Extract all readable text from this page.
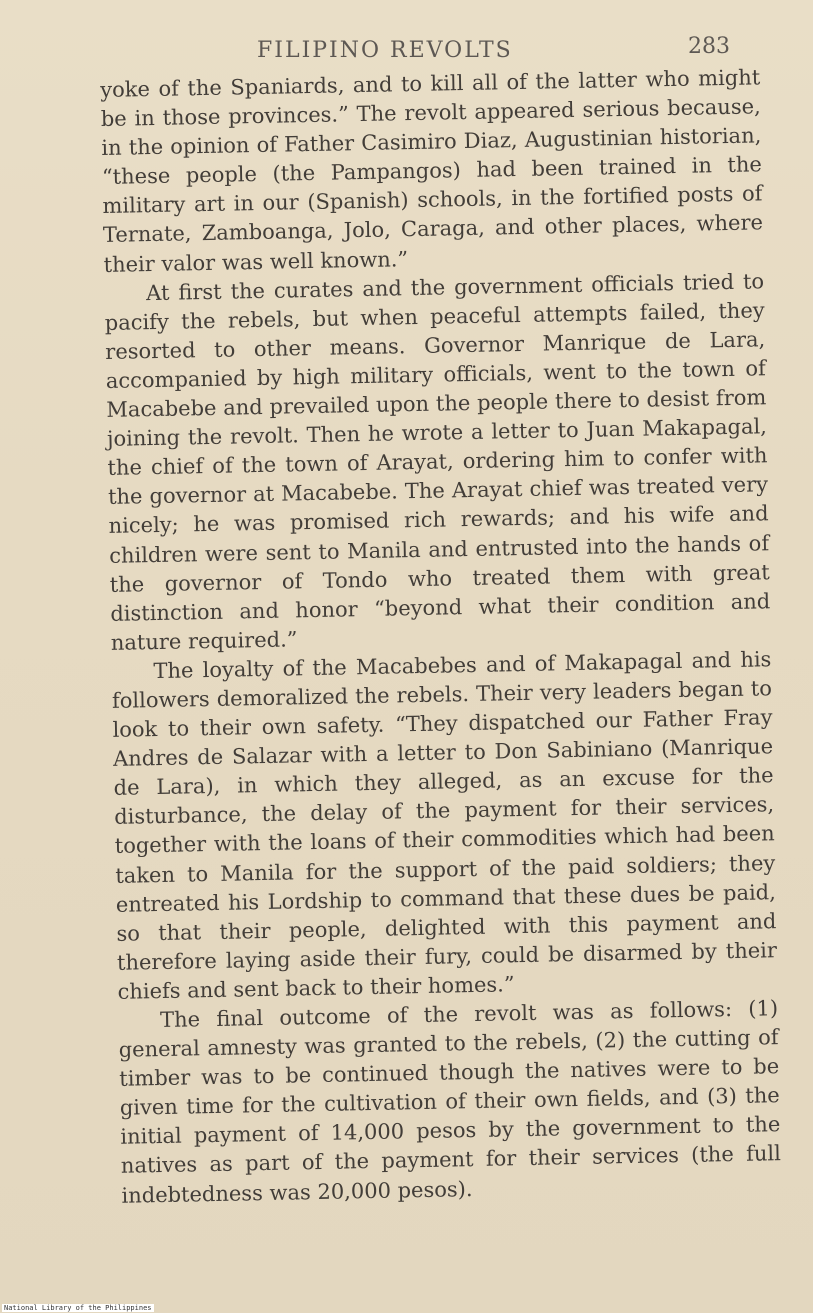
FILIPINO REVOLTS	283

yoke of the Spaniards, and to kill all of the latter who might be in those provinces.” The revolt appeared serious because, in the opinion of Father Casimiro Diaz, Augustinian historian, “these people (the Pampangos) had been trained in the military art in our (Spanish) schools, in the fortified posts of Ternate, Zamboanga, Jolo, Caraga, and other places, where their valor was well known.”

At first the curates and the government officials tried to pacify the rebels, but when peaceful attempts failed, they resorted to other means. Governor Manrique de Lara, accompanied by high military officials, went to the town of Macabebe and prevailed upon the people there to desist from joining the revolt. Then he wrote a letter to Juan Makapagal, the chief of the town of Arayat, ordering him to confer with the governor at Macabebe. The Arayat chief was treated very nicely; he was promised rich rewards; and his wife and children were sent to Manila and entrusted into the hands of the governor of Tondo who treated them with great distinction and honor “beyond what their condition and nature required.”

The loyalty of the Macabebes and of Makapagal and his followers demoralized the rebels. Their very leaders began to look to their own safety. “They dispatched our Father Fray Andres de Salazar with a letter to Don Sabiniano (Manrique de Lara), in which they alleged, as an excuse for the disturbance, the delay of the payment for their services, together with the loans of their commodities which had been taken to Manila for the support of the paid soldiers; they entreated his Lordship to command that these dues be paid, so that their people, delighted with this payment and therefore laying aside their fury, could be disarmed by their chiefs and sent back to their homes.”

The final outcome of the revolt was as follows: (1) general amnesty was granted to the rebels, (2) the cutting of timber was to be continued though the natives were to be given time for the cultivation of their own fields, and (3) the initial payment of 14,000 pesos by the government to the natives as part of the payment for their services (the full indebtedness was 20,000 pesos).

National Library of the Philippines
